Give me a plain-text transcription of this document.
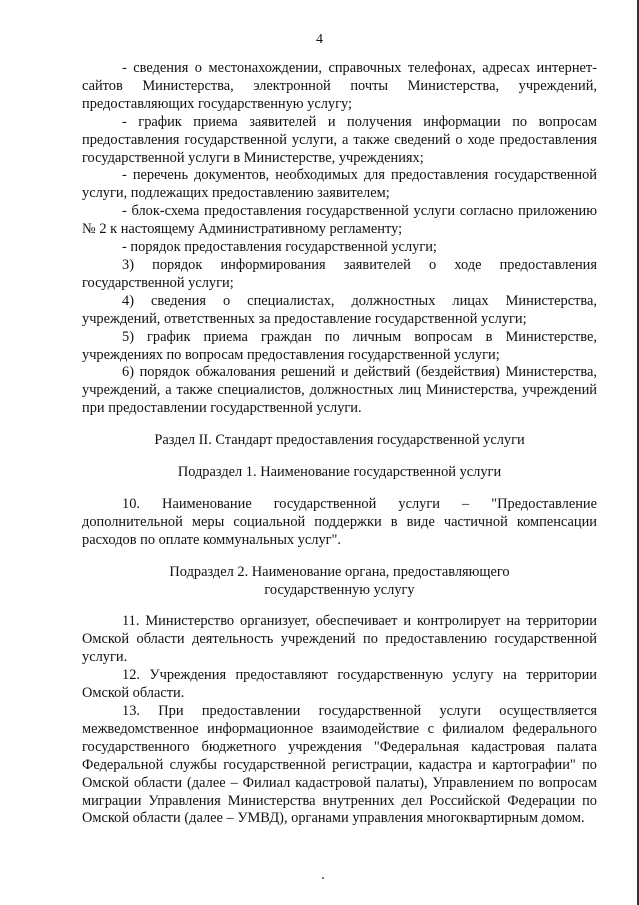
4

- сведения о местонахождении, справочных телефонах, адресах интернет-сайтов Министерства, электронной почты Министерства, учреждений, предоставляющих государственную услугу;

- график приема заявителей и получения информации по вопросам предоставления государственной услуги, а также сведений о ходе предоставления государственной услуги в Министерстве, учреждениях;

- перечень документов, необходимых для предоставления государственной услуги, подлежащих предоставлению заявителем;

- блок-схема предоставления государственной услуги согласно приложению № 2 к настоящему Административному регламенту;

- порядок предоставления государственной услуги;

3) порядок информирования заявителей о ходе предоставления государственной услуги;

4) сведения о специалистах, должностных лицах Министерства, учреждений, ответственных за предоставление государственной услуги;

5) график приема граждан по личным вопросам в Министерстве, учреждениях по вопросам предоставления государственной услуги;

6) порядок обжалования решений и действий (бездействия) Министерства, учреждений, а также специалистов, должностных лиц Министерства, учреждений при предоставлении государственной услуги.

Раздел II. Стандарт предоставления государственной услуги

Подраздел 1. Наименование государственной услуги

10. Наименование государственной услуги – "Предоставление дополнительной меры социальной поддержки в виде частичной компенсации расходов по оплате коммунальных услуг".

Подраздел 2. Наименование органа, предоставляющего

государственную услугу

11. Министерство организует, обеспечивает и контролирует на территории Омской области деятельность учреждений по предоставлению государственной услуги.

12. Учреждения предоставляют государственную услугу на территории Омской области.

13. При предоставлении государственной услуги осуществляется межведомственное информационное взаимодействие с филиалом федерального государственного бюджетного учреждения "Федеральная кадастровая палата Федеральной службы государственной регистрации, кадастра и картографии" по Омской области (далее – Филиал кадастровой палаты), Управлением по вопросам миграции Управления Министерства внутренних дел Российской Федерации по Омской области (далее – УМВД), органами управления многоквартирным домом.
